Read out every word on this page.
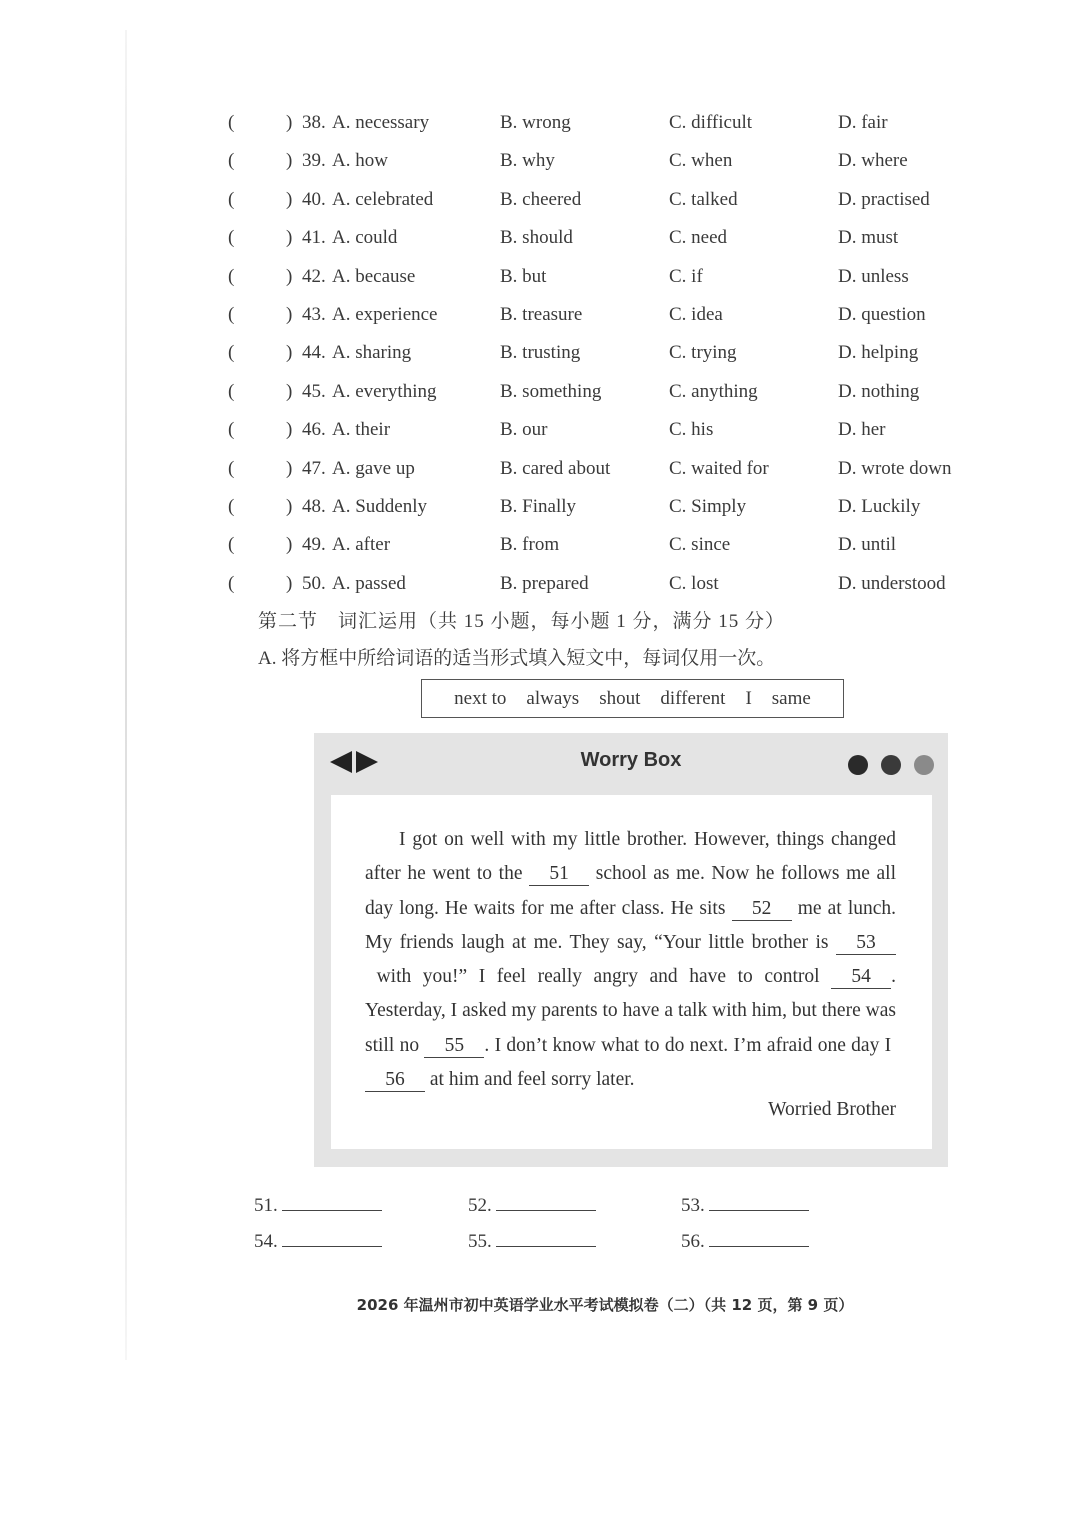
(	) 38. A. necessary	B. wrong	C. difficult	D. fair
(	) 39. A. how	B. why	C. when	D. where
(	) 40. A. celebrated	B. cheered	C. talked	D. practised
(	) 41. A. could	B. should	C. need	D. must
(	) 42. A. because	B. but	C. if	D. unless
(	) 43. A. experience	B. treasure	C. idea	D. question
(	) 44. A. sharing	B. trusting	C. trying	D. helping
(	) 45. A. everything	B. something	C. anything	D. nothing
(	) 46. A. their	B. our	C. his	D. her
(	) 47. A. gave up	B. cared about	C. waited for	D. wrote down
(	) 48. A. Suddenly	B. Finally	C. Simply	D. Luckily
(	) 49. A. after	B. from	C. since	D. until
(	) 50. A. passed	B. prepared	C. lost	D. understood
第二节　词汇运用（共 15 小题，每小题 1 分，满分 15 分）
A. 将方框中所给词语的适当形式填入短文中，每词仅用一次。
next to always shout different I same
Worry Box
I got on well with my little brother. However, things changed after he went to the 51 school as me. Now he follows me all day long. He waits for me after class. He sits 52 me at lunch. My friends laugh at me. They say, “Your little brother is 53 with you!” I feel really angry and have to control 54 . Yesterday, I asked my parents to have a talk with him, but there was still no 55 . I don’t know what to do next. I’m afraid one day I 56 at him and feel sorry later.
Worried Brother
51.	52.	53.
54.	55.	56.
2026 年温州市初中英语学业水平考试模拟卷（二）（共 12 页，第 9 页）
